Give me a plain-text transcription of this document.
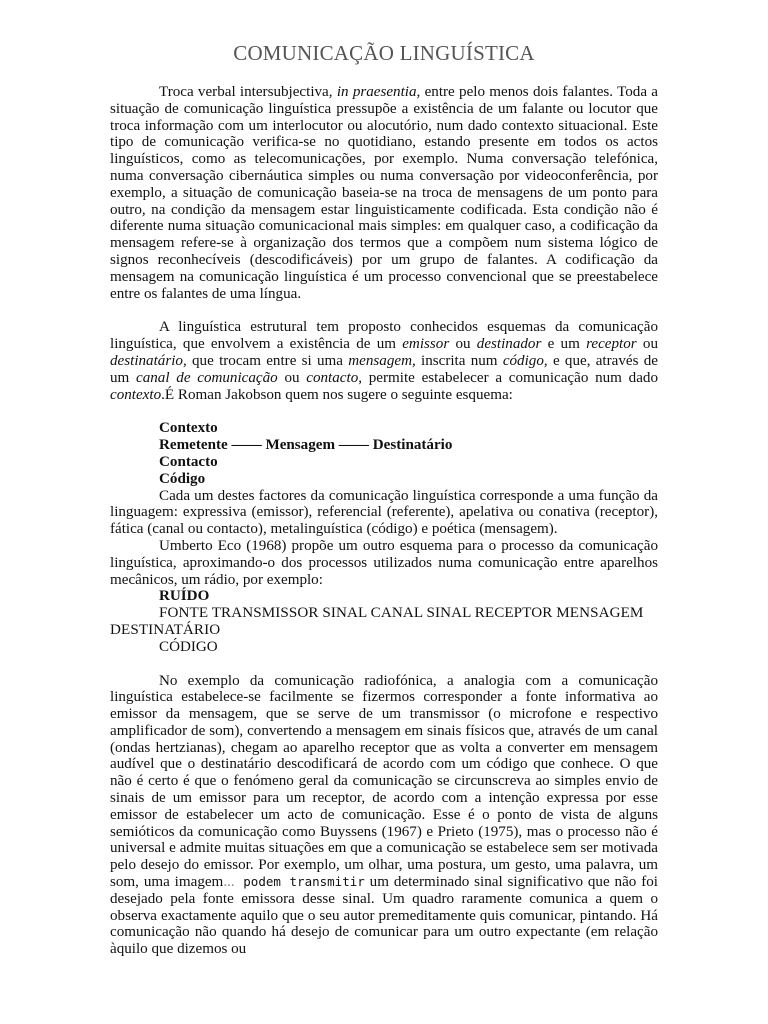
COMUNICAÇÃO LINGUÍSTICA

Troca verbal intersubjectiva, in praesentia, entre pelo menos dois falantes. Toda a situação de comunicação linguística pressupõe a existência de um falante ou locutor que troca informação com um interlocutor ou alocutório, num dado contexto situacional. Este tipo de comunicação verifica-se no quotidiano, estando presente em todos os actos linguísticos, como as telecomunicações, por exemplo. Numa conversação telefónica, numa conversação cibernáutica simples ou numa conversação por videoconferência, por exemplo, a situação de comunicação baseia-se na troca de mensagens de um ponto para outro, na condição da mensagem estar linguisticamente codificada. Esta condição não é diferente numa situação comunicacional mais simples: em qualquer caso, a codificação da mensagem refere-se à organização dos termos que a compõem num sistema lógico de signos reconhecíveis (descodificáveis) por um grupo de falantes. A codificação da mensagem na comunicação linguística é um processo convencional que se preestabelece entre os falantes de uma língua.

A linguística estrutural tem proposto conhecidos esquemas da comunicação linguística, que envolvem a existência de um emissor ou destinador e um receptor ou destinatário, que trocam entre si uma mensagem, inscrita num código, e que, através de um canal de comunicação ou contacto, permite estabelecer a comunicação num dado contexto.É Roman Jakobson quem nos sugere o seguinte esquema:

Contexto
Remetente —— Mensagem —— Destinatário
Contacto
Código

Cada um destes factores da comunicação linguística corresponde a uma função da linguagem: expressiva (emissor), referencial (referente), apelativa ou conativa (receptor), fática (canal ou contacto), metalinguística (código) e poética (mensagem).

Umberto Eco (1968) propõe um outro esquema para o processo da comunicação linguística, aproximando-o dos processos utilizados numa comunicação entre aparelhos mecânicos, um rádio, por exemplo:

RUÍDO

FONTE TRANSMISSOR SINAL CANAL SINAL RECEPTOR MENSAGEM DESTINATÁRIO

CÓDIGO

No exemplo da comunicação radiofónica, a analogia com a comunicação linguística estabelece-se facilmente se fizermos corresponder a fonte informativa ao emissor da mensagem, que se serve de um transmissor (o microfone e respectivo amplificador de som), convertendo a mensagem em sinais físicos que, através de um canal (ondas hertzianas), chegam ao aparelho receptor que as volta a converter em mensagem audível que o destinatário descodificará de acordo com um código que conhece. O que não é certo é que o fenómeno geral da comunicação se circunscreva ao simples envio de sinais de um emissor para um receptor, de acordo com a intenção expressa por esse emissor de estabelecer um acto de comunicação. Esse é o ponto de vista de alguns semióticos da comunicação como Buyssens (1967) e Prieto (1975), mas o processo não é universal e admite muitas situações em que a comunicação se estabelece sem ser motivada pelo desejo do emissor. Por exemplo, um olhar, uma postura, um gesto, uma palavra, um som, uma imagem... podem transmitir um determinado sinal significativo que não foi desejado pela fonte emissora desse sinal. Um quadro raramente comunica a quem o observa exactamente aquilo que o seu autor premeditamente quis comunicar, pintando. Há comunicação não quando há desejo de comunicar para um outro expectante (em relação àquilo que dizemos ou
